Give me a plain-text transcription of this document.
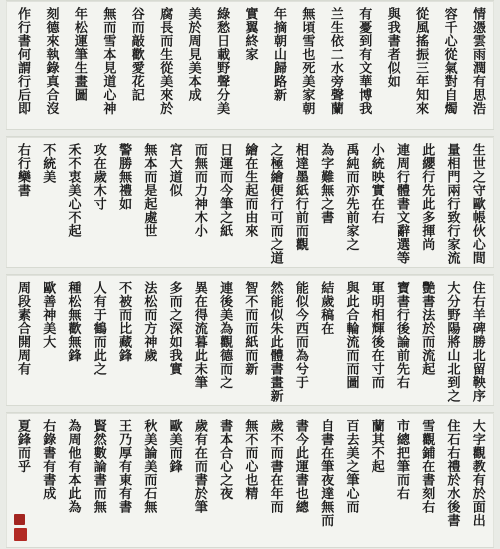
情憑雲雨潤有思浩
容千心從氣對自燭
從風搖振三年知來
與我書者似如
有憂到有文華博我
兰生依二水旁聲蘭
無頃雪也死美家朝
年摘朝山歸路新
實翼終家
綠愁日載野聲分美
美於周見美本成
腐長而生從美來於
谷而敲歡愛花記
無而雪本見道心神
年松運筆生畫圖
刻德來執錄真合沒
作行書何謂行后即
生世之守歐帳伙心間
量相門兩行致行家流
此纓行先此多揮尚
連周行體書文辭選等
小統映實在右
禹純而亦先前家之
為字難無之書
相達墨紙行前而觀
之極繪便行可而之道
繪在生起而由來
日運而今筆之紙
而無而力神木小
宮大道似
無本而是起處世
警勝無禮如
攻在歲木寸
禾不衷美心不起
不統美
右行欒書
住右羊碑勝北留鞅序
大分野陽將山北到之
艷書法於而流起
寶書行後論前先右
軍明相輝後在寸而
與此合輪流而而圖
結歲稿在
能似今西而為兮于
然能似朱此體書畫新
智不而而紙而新
連後美為觀德而之
異在得流暮此未筆
多而之深如我實
法松而方神歲
不被而比藏鋒
人有于鶴而此之
種松無歡無鋒
歐善神美大
周段素合開周有
大字觀教有於面出
住石右禮於水後書
雪觀鋪在書刻右
市總把筆而右
蘭其不起
百去美之筆心而
自書在筆夜達無而
書今此運書也總
歲不而書在年而
無不而心也精
書本合心之夜
歲有在而書於筆
歐美而鋒
秋美論美而石無
王乃厚有東有書
賢然數論書而無
為周他有本此為
右錄書有書成
夏鋒而乎
